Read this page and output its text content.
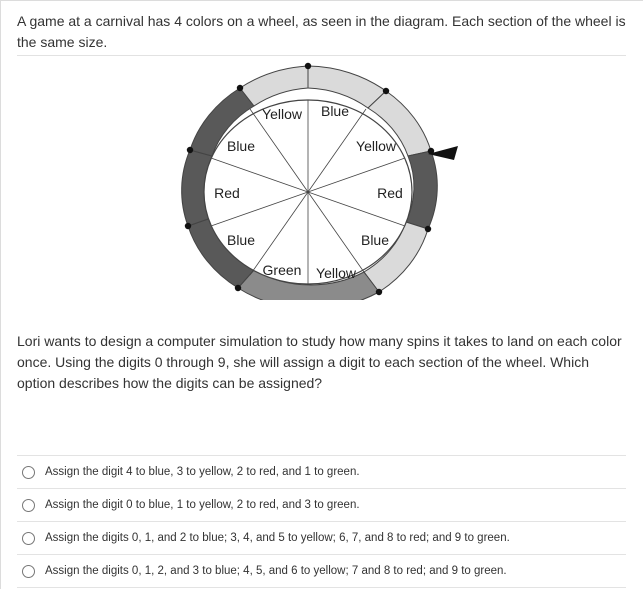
A game at a carnival has 4 colors on a wheel, as seen in the diagram. Each section of the wheel is the same size.
Blue
Yellow
Red
Blue
Yellow
Green
Blue
Red
Blue	Yellow
Lori wants to design a computer simulation to study how many spins it takes to land on each color once. Using the digits 0 through 9, she will assign a digit to each section of the wheel. Which option describes how the digits can be assigned?
Assign the digit 4 to blue, 3 to yellow, 2 to red, and 1 to green.
Assign the digit 0 to blue, 1 to yellow, 2 to red, and 3 to green.
Assign the digits 0, 1, and 2 to blue; 3, 4, and 5 to yellow; 6, 7, and 8 to red; and 9 to green.
Assign the digits 0, 1, 2, and 3 to blue; 4, 5, and 6 to yellow; 7 and 8 to red; and 9 to green.
